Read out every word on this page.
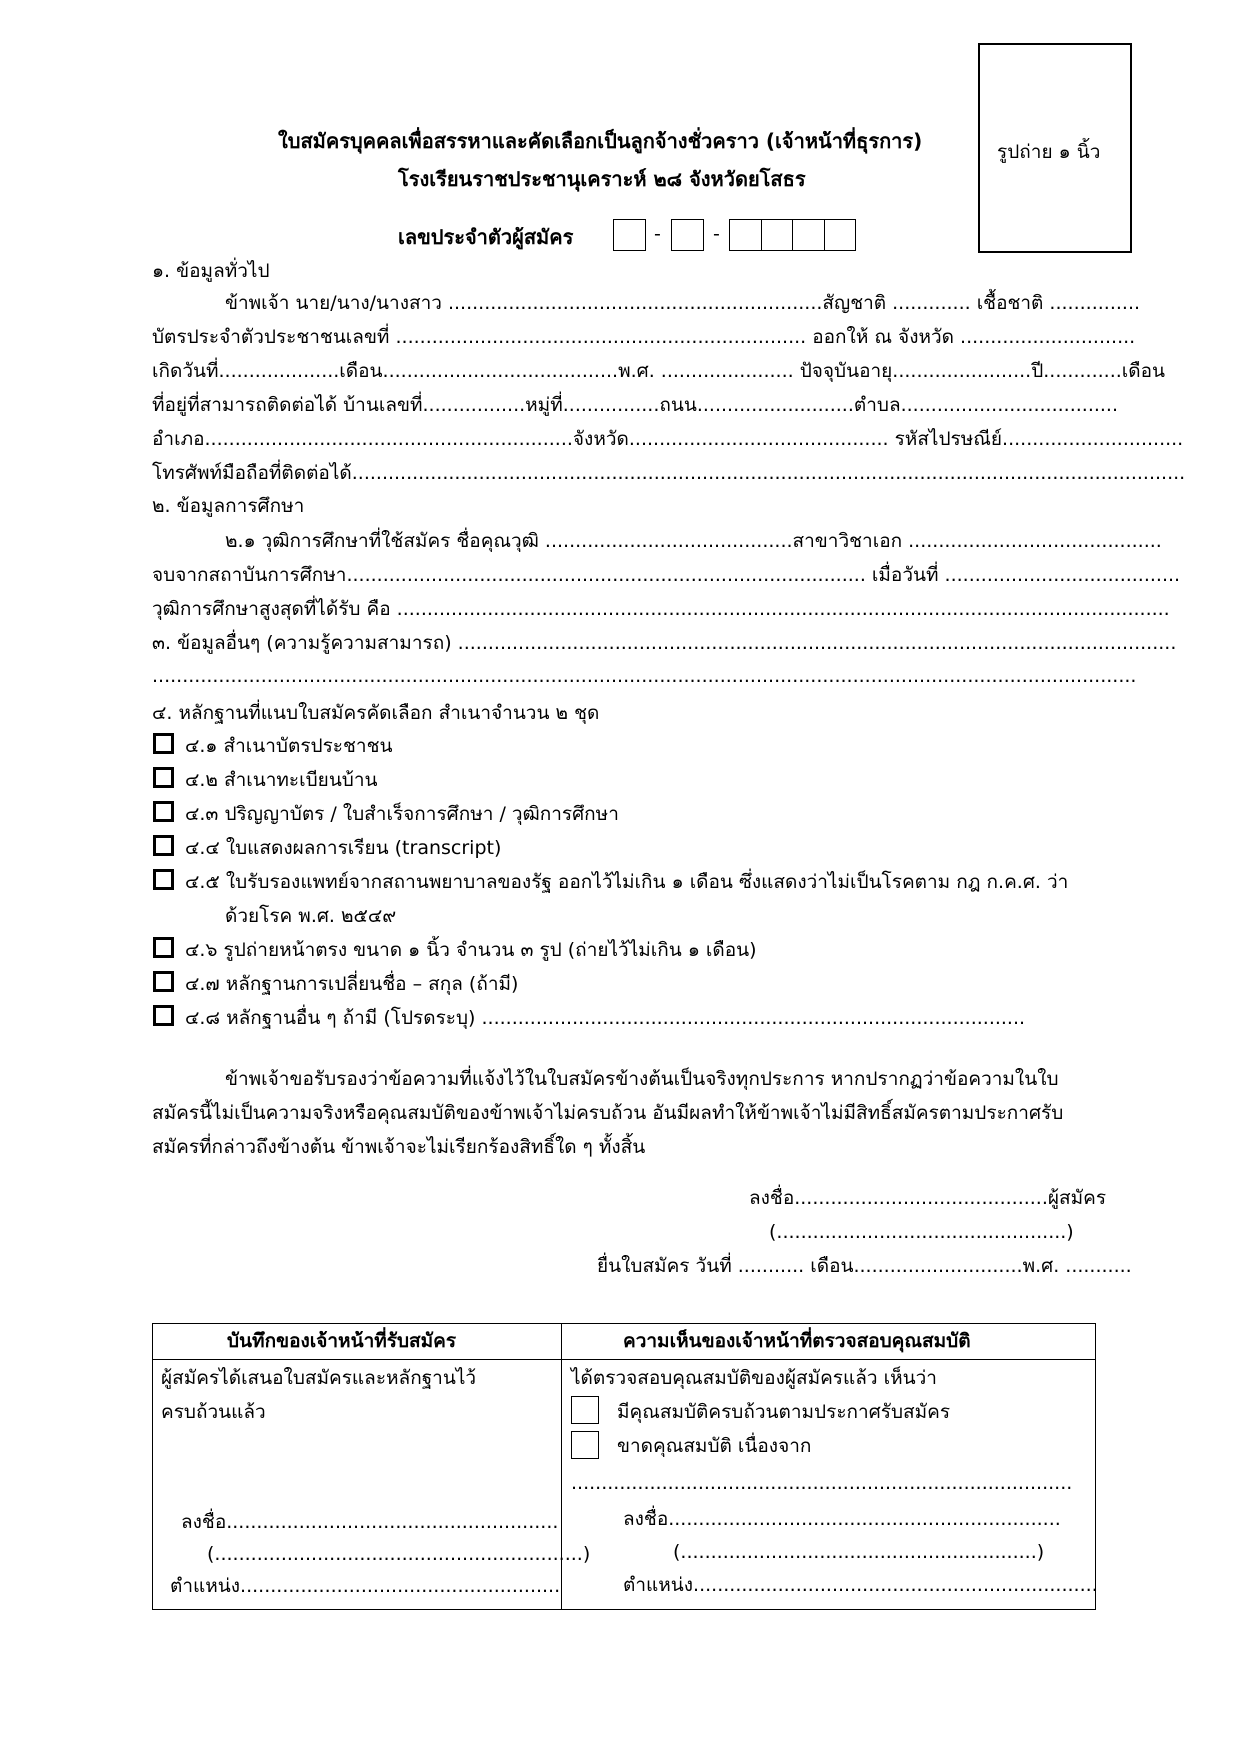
รูปถ่าย ๑ นิ้ว
ใบสมัครบุคคลเพื่อสรรหาและคัดเลือกเป็นลูกจ้างชั่วคราว (เจ้าหน้าที่ธุรการ)
โรงเรียนราชประชานุเคราะห์ ๒๘ จังหวัดยโสธร
เลขประจำตัวผู้สมัคร	-	-
๑. ข้อมูลทั่วไป
ข้าพเจ้า นาย/นาง/นางสาว ..............................................................สัญชาติ ............. เชื้อชาติ ...............
บัตรประจำตัวประชาชนเลขที่ .................................................................... ออกให้ ณ จังหวัด .............................
เกิดวันที่....................เดือน.......................................พ.ศ. ...................... ปัจจุบันอายุ.......................ปี.............เดือน
ที่อยู่ที่สามารถติดต่อได้ บ้านเลขที่.................หมู่ที่................ถนน..........................ตำบล....................................
อำเภอ.............................................................จังหวัด........................................... รหัสไปรษณีย์..............................
โทรศัพท์มือถือที่ติดต่อได้..........................................................................................................................................
๒. ข้อมูลการศึกษา
๒.๑ วุฒิการศึกษาที่ใช้สมัคร ชื่อคุณวุฒิ .........................................สาขาวิชาเอก ..........................................
จบจากสถาบันการศึกษา...................................................................................... เมื่อวันที่ .......................................
วุฒิการศึกษาสูงสุดที่ได้รับ คือ ................................................................................................................................
๓. ข้อมูลอื่นๆ (ความรู้ความสามารถ) .......................................................................................................................
...................................................................................................................................................................
๔. หลักฐานที่แนบใบสมัครคัดเลือก สำเนาจำนวน ๒ ชุด
๔.๑ สำเนาบัตรประชาชน
๔.๒ สำเนาทะเบียนบ้าน
๔.๓ ปริญญาบัตร / ใบสำเร็จการศึกษา / วุฒิการศึกษา
๔.๔ ใบแสดงผลการเรียน (transcript)
๔.๕ ใบรับรองแพทย์จากสถานพยาบาลของรัฐ ออกไว้ไม่เกิน ๑ เดือน ซึ่งแสดงว่าไม่เป็นโรคตาม กฎ ก.ค.ศ. ว่า
ด้วยโรค พ.ศ. ๒๕๔๙
๔.๖ รูปถ่ายหน้าตรง ขนาด ๑ นิ้ว จำนวน ๓ รูป (ถ่ายไว้ไม่เกิน ๑ เดือน)
๔.๗ หลักฐานการเปลี่ยนชื่อ – สกุล (ถ้ามี)
๔.๘ หลักฐานอื่น ๆ ถ้ามี (โปรดระบุ) ..........................................................................................
ข้าพเจ้าขอรับรองว่าข้อความที่แจ้งไว้ในใบสมัครข้างต้นเป็นจริงทุกประการ หากปรากฏว่าข้อความในใบ
สมัครนี้ไม่เป็นความจริงหรือคุณสมบัติของข้าพเจ้าไม่ครบถ้วน อันมีผลทำให้ข้าพเจ้าไม่มีสิทธิ์สมัครตามประกาศรับ
สมัครที่กล่าวถึงข้างต้น ข้าพเจ้าจะไม่เรียกร้องสิทธิ์ใด ๆ ทั้งสิ้น
ลงชื่อ..........................................ผู้สมัคร
(................................................)
ยื่นใบสมัคร วันที่ ........... เดือน............................พ.ศ. ...........
บันทึกของเจ้าหน้าที่รับสมัคร	ความเห็นของเจ้าหน้าที่ตรวจสอบคุณสมบัติ
ผู้สมัครได้เสนอใบสมัครและหลักฐานไว้
ครบถ้วนแล้ว
ลงชื่อ.......................................................
(.............................................................)
ตำแหน่ง.....................................................
ได้ตรวจสอบคุณสมบัติของผู้สมัครแล้ว เห็นว่า
มีคุณสมบัติครบถ้วนตามประกาศรับสมัคร
ขาดคุณสมบัติ เนื่องจาก
...................................................................................
ลงชื่อ.................................................................
(...........................................................)
ตำแหน่ง...................................................................
